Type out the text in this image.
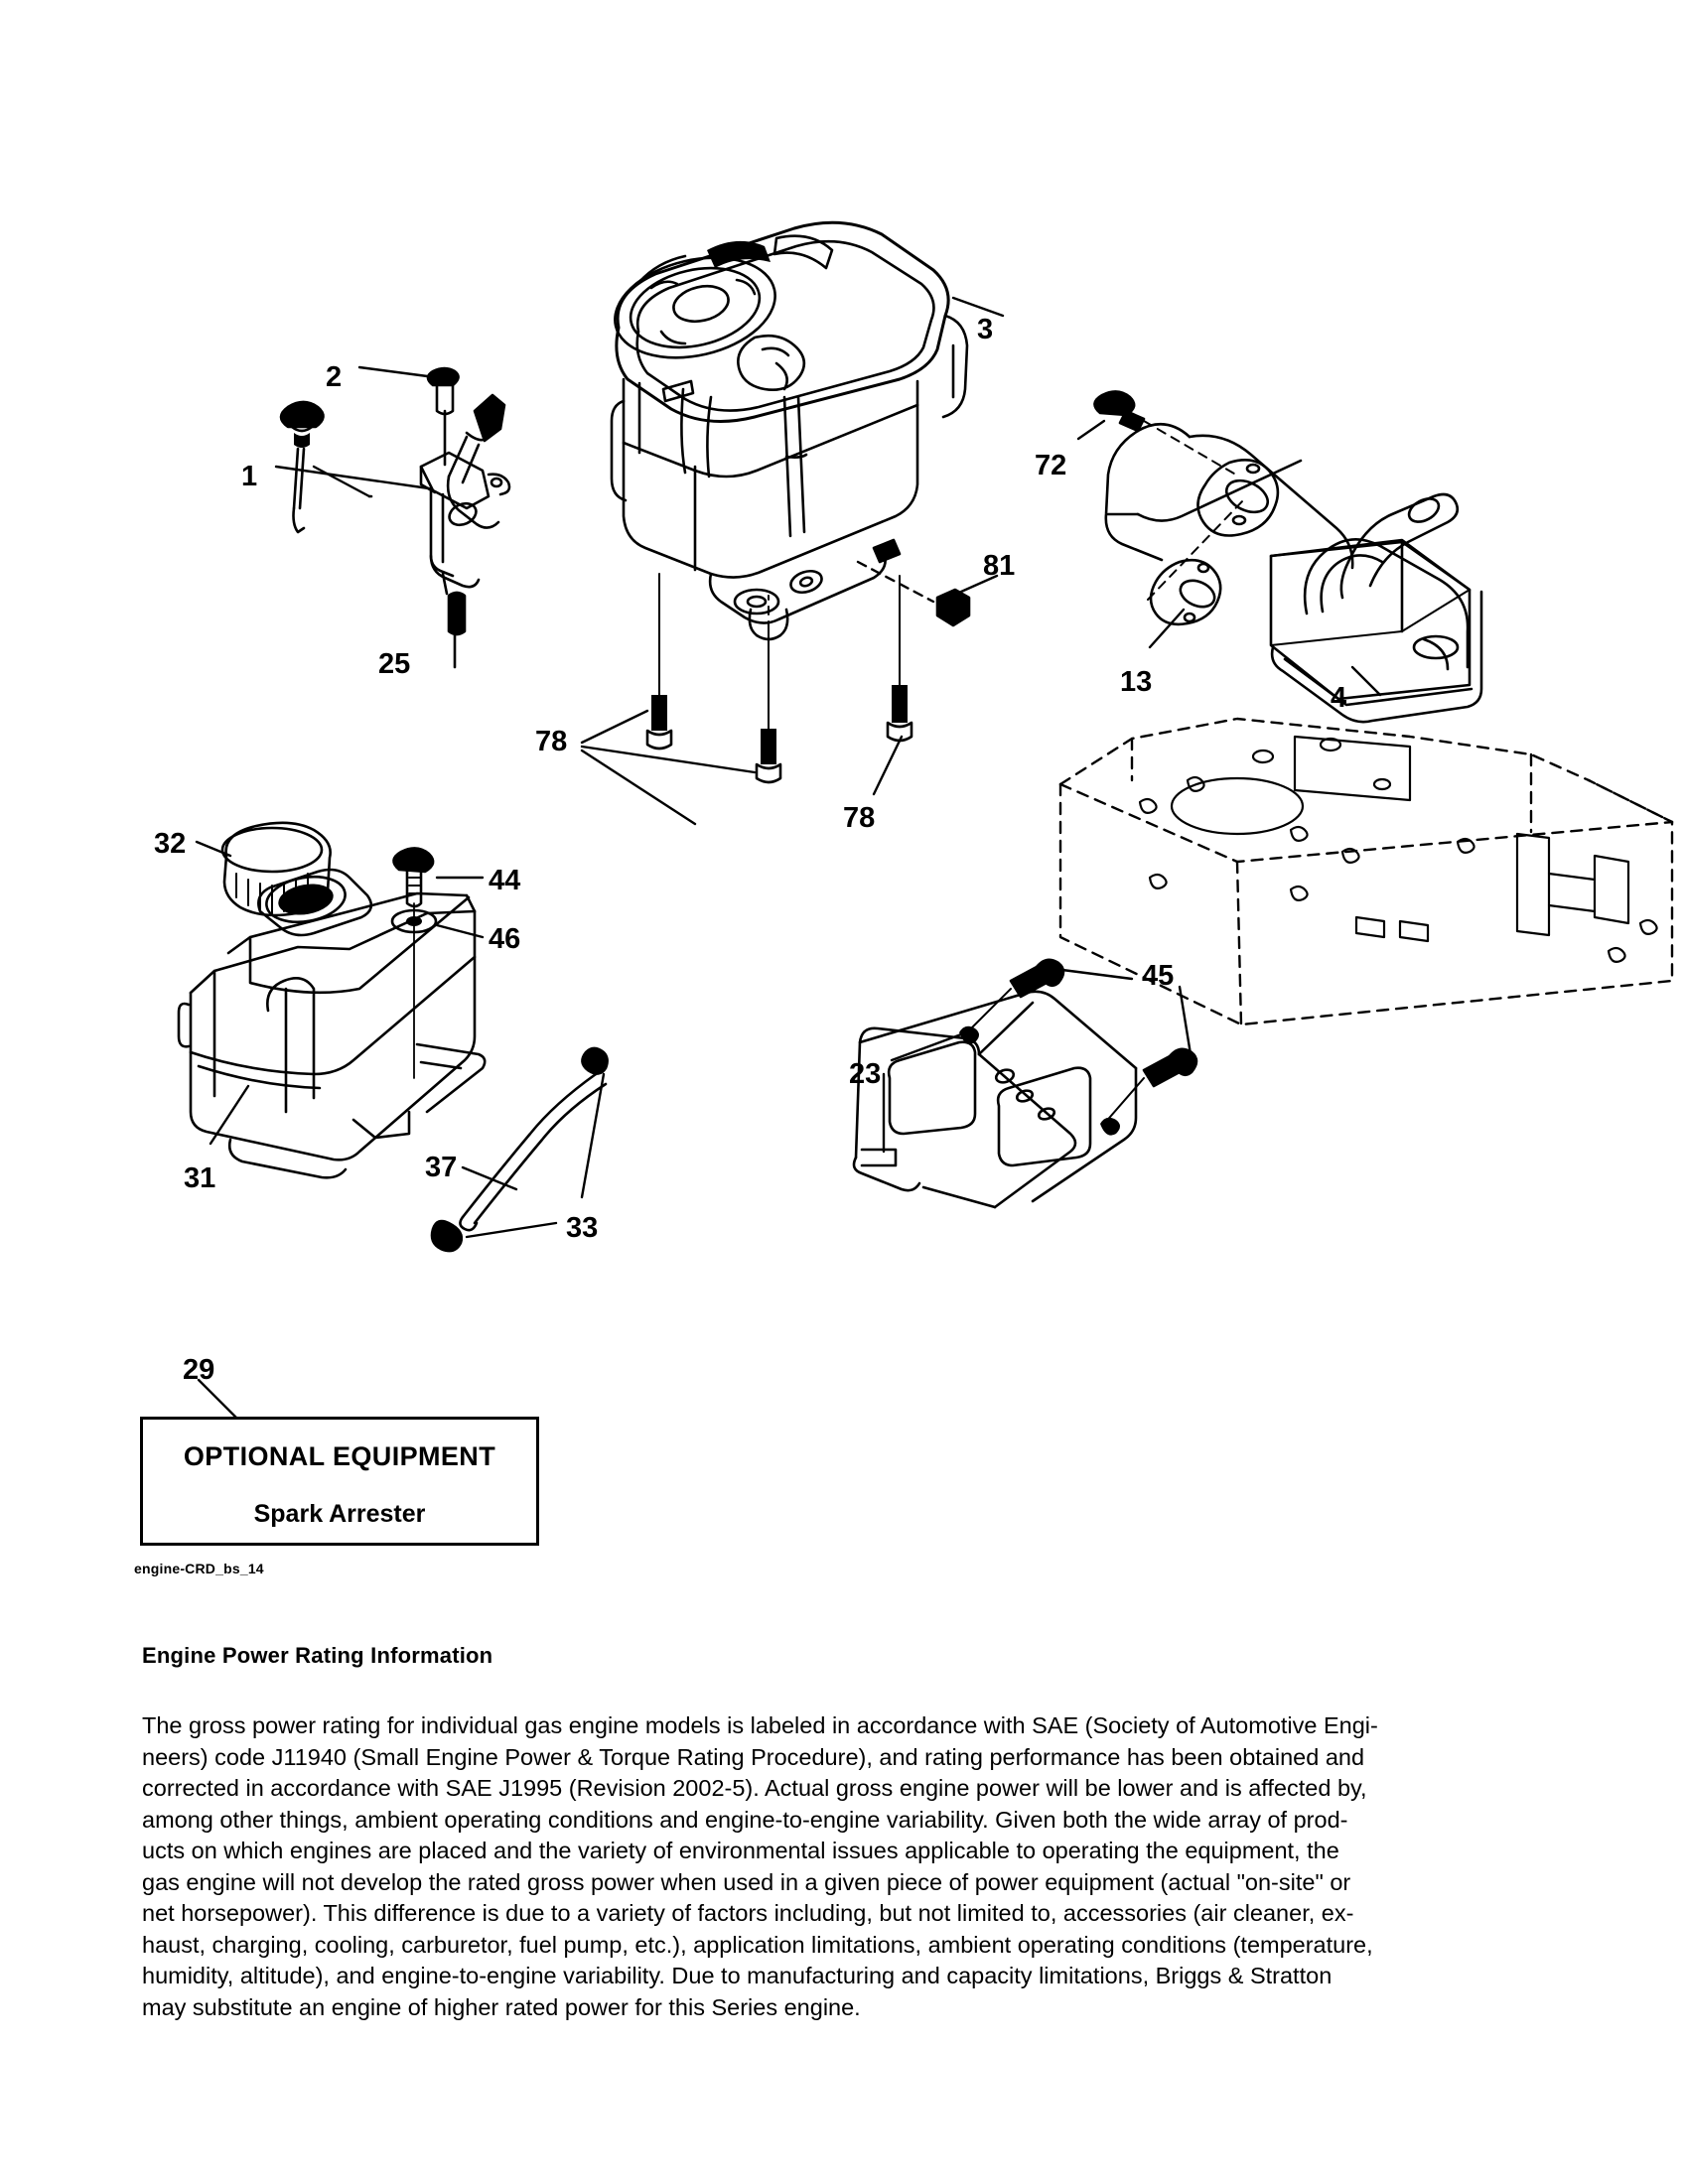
1
2
3
4
13
23
25
29
31
32
33
37
44
45
46
72
78
78
81
OPTIONAL EQUIPMENT
Spark Arrester
engine-CRD_bs_14
Engine Power Rating Information
The gross power rating for individual gas engine models is labeled in accordance with SAE (Society of Automotive Engi-
neers) code J11940 (Small Engine Power & Torque Rating Procedure), and rating performance has been obtained and
corrected in accordance with SAE J1995 (Revision 2002-5). Actual gross engine power will be lower and is affected by,
among other things, ambient operating conditions and engine-to-engine variability. Given both the wide array of prod-
ucts on which engines are placed and the variety of environmental issues applicable to operating the equipment, the
gas engine will not develop the rated gross power when used in a given piece of power equipment (actual "on-site" or
net horsepower). This difference is due to a variety of factors including, but not limited to, accessories (air cleaner, ex-
haust, charging, cooling, carburetor, fuel pump, etc.), application limitations, ambient operating conditions (temperature,
humidity, altitude), and engine-to-engine variability. Due to manufacturing and capacity limitations, Briggs & Stratton
may substitute an engine of higher rated power for this Series engine.
